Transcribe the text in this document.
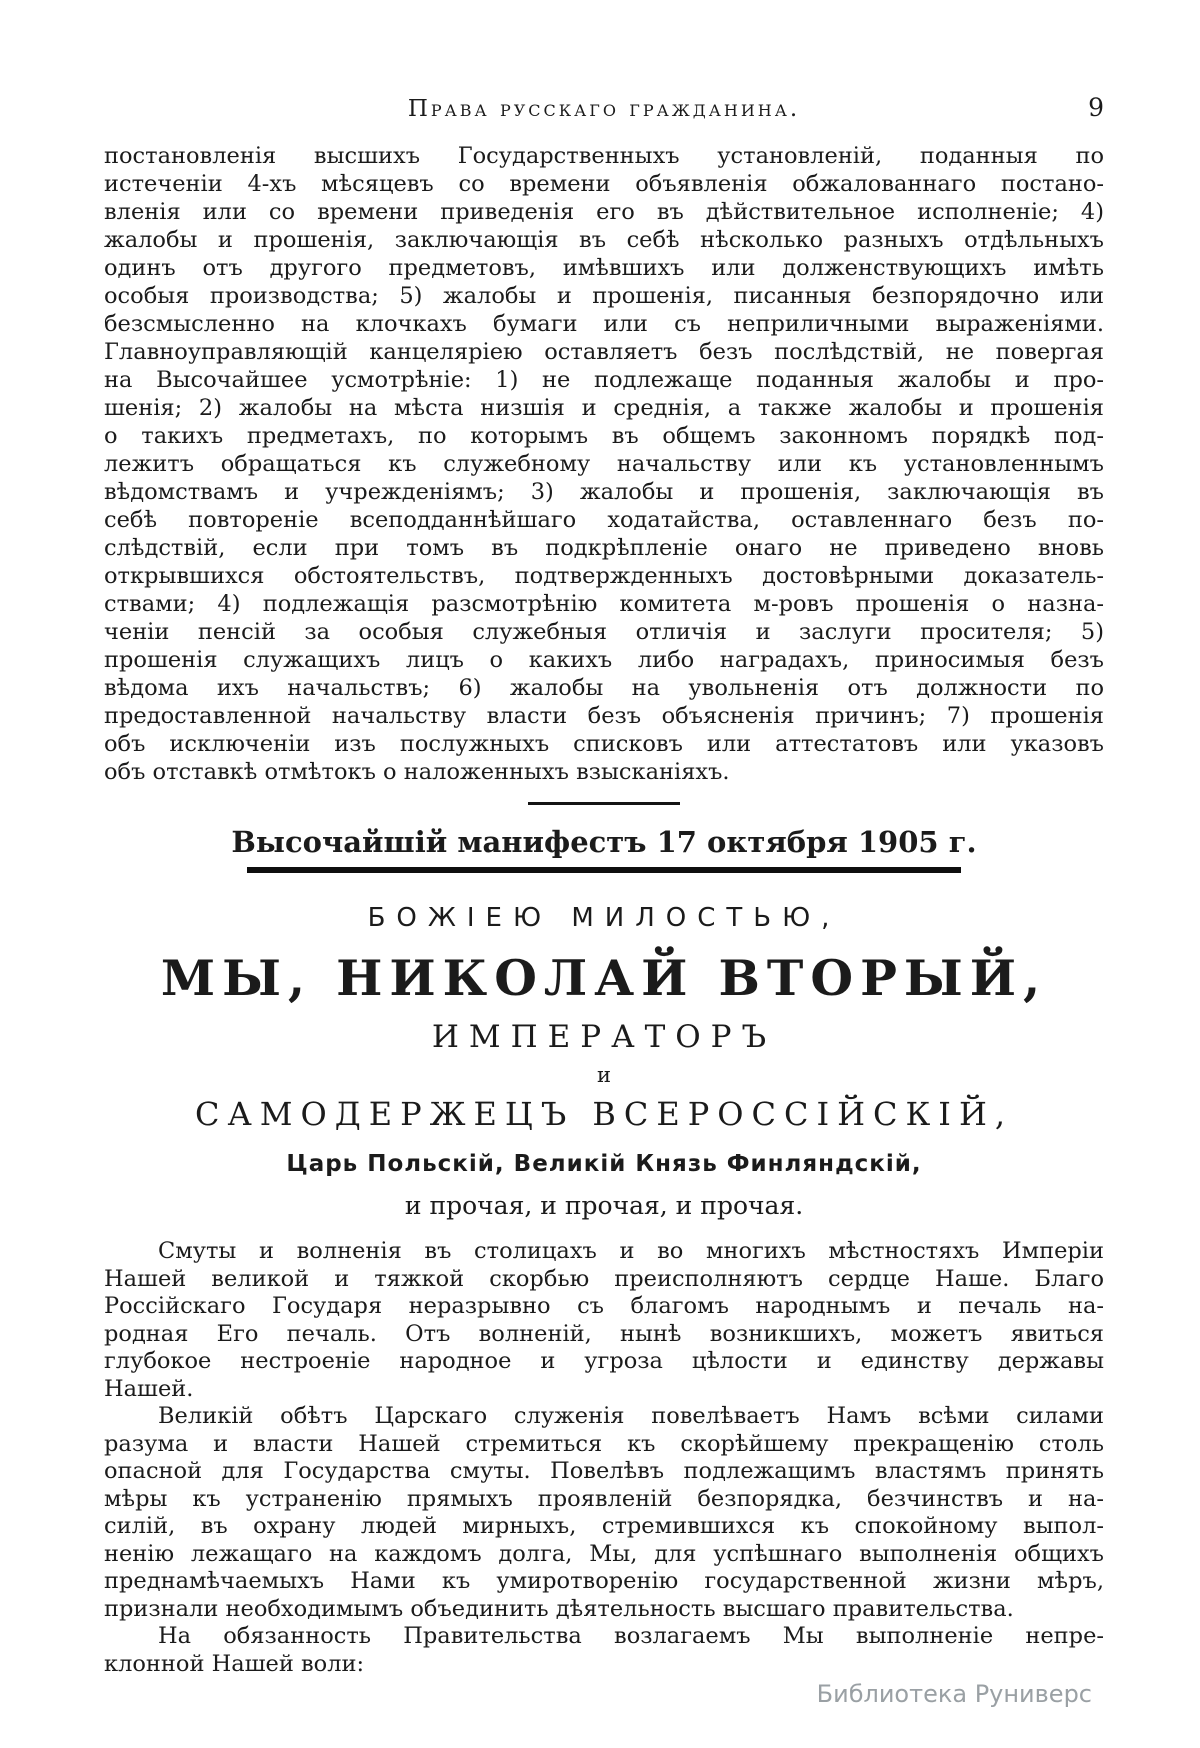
Права русскаго гражданина.	9
постановленія высшихъ Государственныхъ установленій, поданныя по
истеченіи 4-хъ мѣсяцевъ со времени объявленія обжалованнаго постано-
вленія или со времени приведенія его въ дѣйствительное исполненіе; 4)
жалобы и прошенія, заключающія въ себѣ нѣсколько разныхъ отдѣльныхъ
одинъ отъ другого предметовъ, имѣвшихъ или долженствующихъ имѣть
особыя производства; 5) жалобы и прошенія, писанныя безпорядочно или
безсмысленно на клочкахъ бумаги или съ неприличными выраженіями.
Главноуправляющій канцеляріею оставляетъ безъ послѣдствій, не повергая
на Высочайшее усмотрѣніе: 1) не подлежаще поданныя жалобы и про-
шенія; 2) жалобы на мѣста низшія и среднія, а также жалобы и прошенія
о такихъ предметахъ, по которымъ въ общемъ законномъ порядкѣ под-
лежитъ обращаться къ служебному начальству или къ установленнымъ
вѣдомствамъ и учрежденіямъ; 3) жалобы и прошенія, заключающія въ
себѣ повтореніе всеподданнѣйшаго ходатайства, оставленнаго безъ по-
слѣдствій, если при томъ въ подкрѣпленіе онаго не приведено вновь
открывшихся обстоятельствъ, подтвержденныхъ достовѣрными доказатель-
ствами; 4) подлежащія разсмотрѣнію комитета м-ровъ прошенія о назна-
ченіи пенсій за особыя служебныя отличія и заслуги просителя; 5)
прошенія служащихъ лицъ о какихъ либо наградахъ, приносимыя безъ
вѣдома ихъ начальствъ; 6) жалобы на увольненія отъ должности по
предоставленной начальству власти безъ объясненія причинъ; 7) прошенія
объ исключеніи изъ послужныхъ списковъ или аттестатовъ или указовъ
объ отставкѣ отмѣтокъ о наложенныхъ взысканіяхъ.
Высочайшій манифестъ 17 октября 1905 г.
БОЖІЕЮ МИЛОСТЬЮ,
МЫ, НИКОЛАЙ ВТОРЫЙ,
ИМПЕРАТОРЪ
и
САМОДЕРЖЕЦЪ ВСЕРОССІЙСКІЙ,
Царь Польскій, Великій Князь Финляндскій,
и прочая, и прочая, и прочая.
Смуты и волненія въ столицахъ и во многихъ мѣстностяхъ Имперіи
Нашей великой и тяжкой скорбью преисполняютъ сердце Наше. Благо
Россійскаго Государя неразрывно съ благомъ народнымъ и печаль на-
родная Его печаль. Отъ волненій, нынѣ возникшихъ, можетъ явиться
глубокое нестроеніе народное и угроза цѣлости и единству державы
Нашей.
Великій обѣтъ Царскаго служенія повелѣваетъ Намъ всѣми силами
разума и власти Нашей стремиться къ скорѣйшему прекращенію столь
опасной для Государства смуты. Повелѣвъ подлежащимъ властямъ принять
мѣры къ устраненію прямыхъ проявленій безпорядка, безчинствъ и на-
силій, въ охрану людей мирныхъ, стремившихся къ спокойному выпол-
ненію лежащаго на каждомъ долга, Мы, для успѣшнаго выполненія общихъ
преднамѣчаемыхъ Нами къ умиротворенію государственной жизни мѣръ,
признали необходимымъ объединить дѣятельность высшаго правительства.
На обязанность Правительства возлагаемъ Мы выполненіе непре-
клонной Нашей воли:
Библиотека Руниверс
